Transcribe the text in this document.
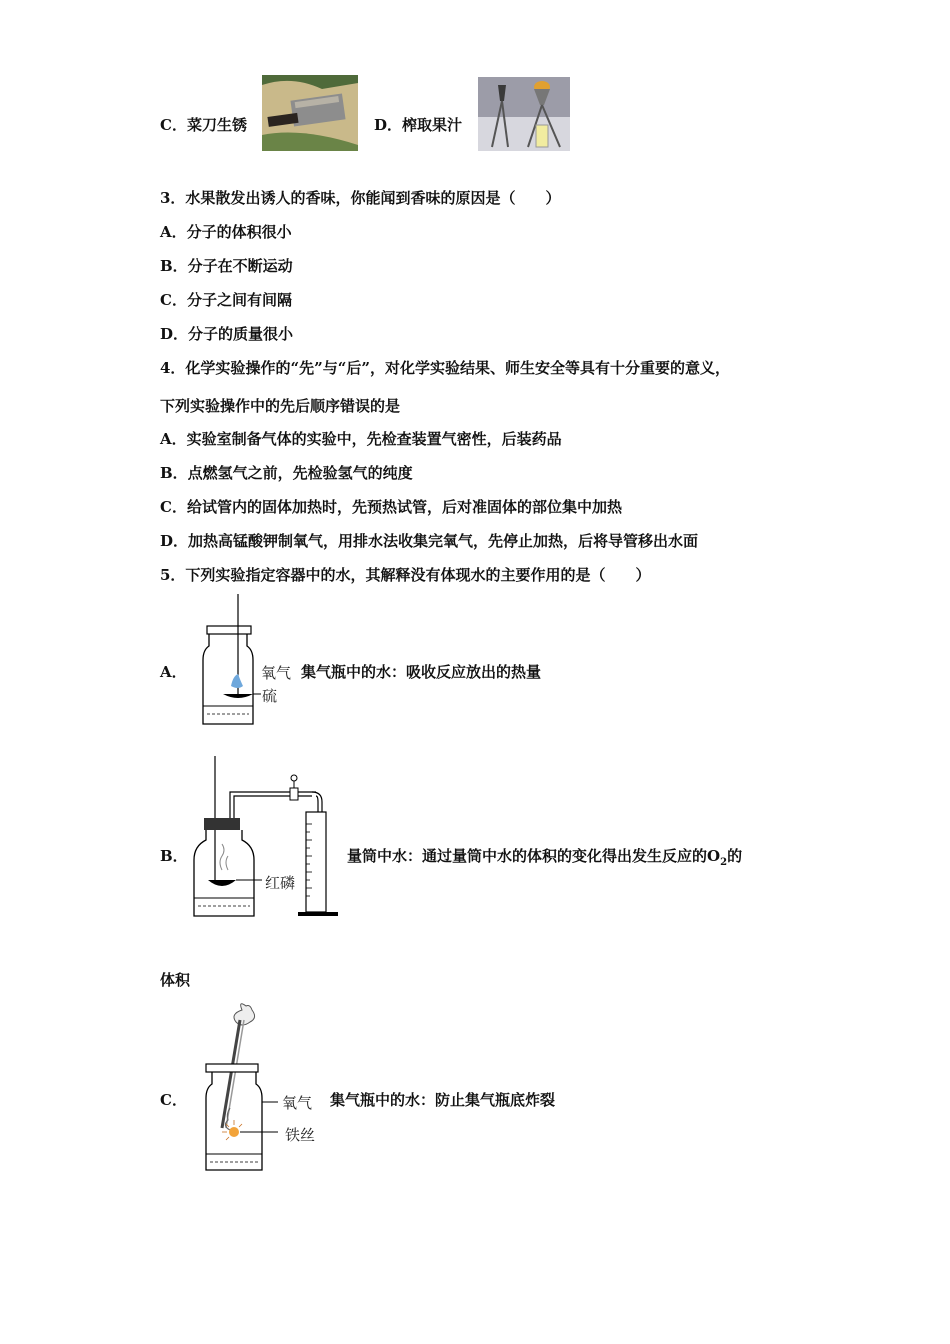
C．菜刀生锈	D．榨取果汁
3．水果散发出诱人的香味，你能闻到香味的原因是（　　）
A．分子的体积很小
B．分子在不断运动
C．分子之间有间隔
D．分子的质量很小
4．化学实验操作的“先”与“后”，对化学实验结果、师生安全等具有十分重要的意义，
下列实验操作中的先后顺序错误的是
A．实验室制备气体的实验中，先检查装置气密性，后装药品
B．点燃氢气之前，先检验氢气的纯度
C．给试管内的固体加热时，先预热试管，后对准固体的部位集中加热
D．加热高锰酸钾制氧气，用排水法收集完氧气，先停止加热，后将导管移出水面
5．下列实验指定容器中的水，其解释没有体现水的主要作用的是（　　）
A．	氧气
硫
集气瓶中的水：吸收反应放出的热量
B．
红磷
量筒中水：通过量筒中水的体积的变化得出发生反应的$O_2$的
体积
C．	氧气
铁丝
集气瓶中的水：防止集气瓶底炸裂
